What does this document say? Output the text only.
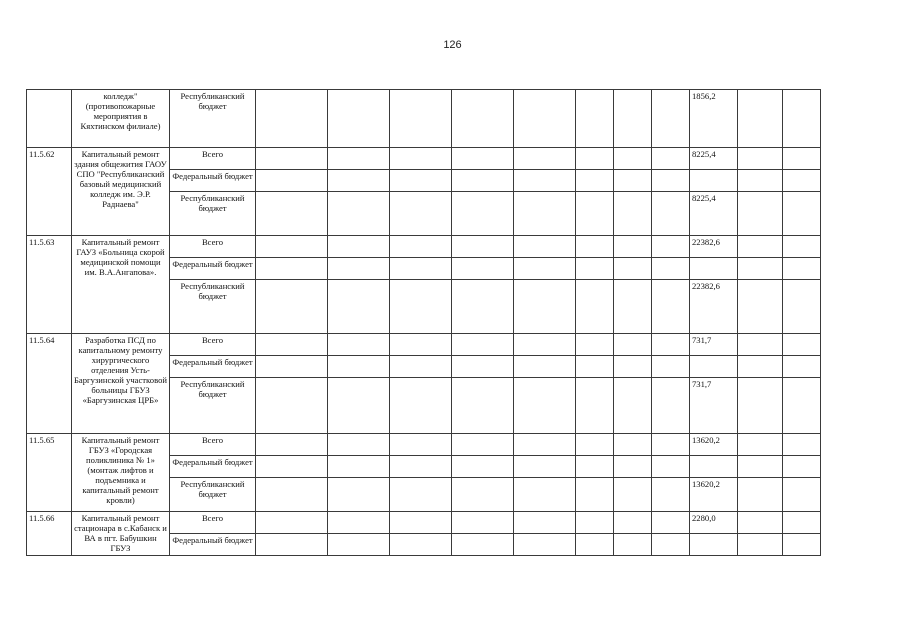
126
	колледж" (противопожарные мероприятия в Кяхтинском филиале)	Республиканский бюджет									1856,2		
11.5.62	Капитальный ремонт здания общежития ГАОУ СПО "Республиканский базовый медицинский колледж им. Э.Р. Раднаева"	Всего									8225,4		
		Федеральный бюджет											
		Республиканский бюджет									8225,4		
11.5.63	Капитальный ремонт ГАУЗ «Больница скорой медицинской помощи им. В.А.Ангапова».	Всего									22382,6		
		Федеральный бюджет											
		Республиканский бюджет									22382,6		
11.5.64	Разработка ПСД по капитальному ремонту хирургического отделения Усть-Баргузинской участковой больницы ГБУЗ «Баргузинская ЦРБ»	Всего									731,7		
		Федеральный бюджет											
		Республиканский бюджет									731,7		
11.5.65	Капитальный ремонт ГБУЗ «Городская поликлиника № 1» (монтаж лифтов и подъемника и капитальный ремонт кровли)	Всего									13620,2		
		Федеральный бюджет											
		Республиканский бюджет									13620,2		
11.5.66	Капитальный ремонт стационара в с.Кабанск и ВА в пгт. Бабушкин ГБУЗ	Всего									2280,0		
		Федеральный бюджет											
